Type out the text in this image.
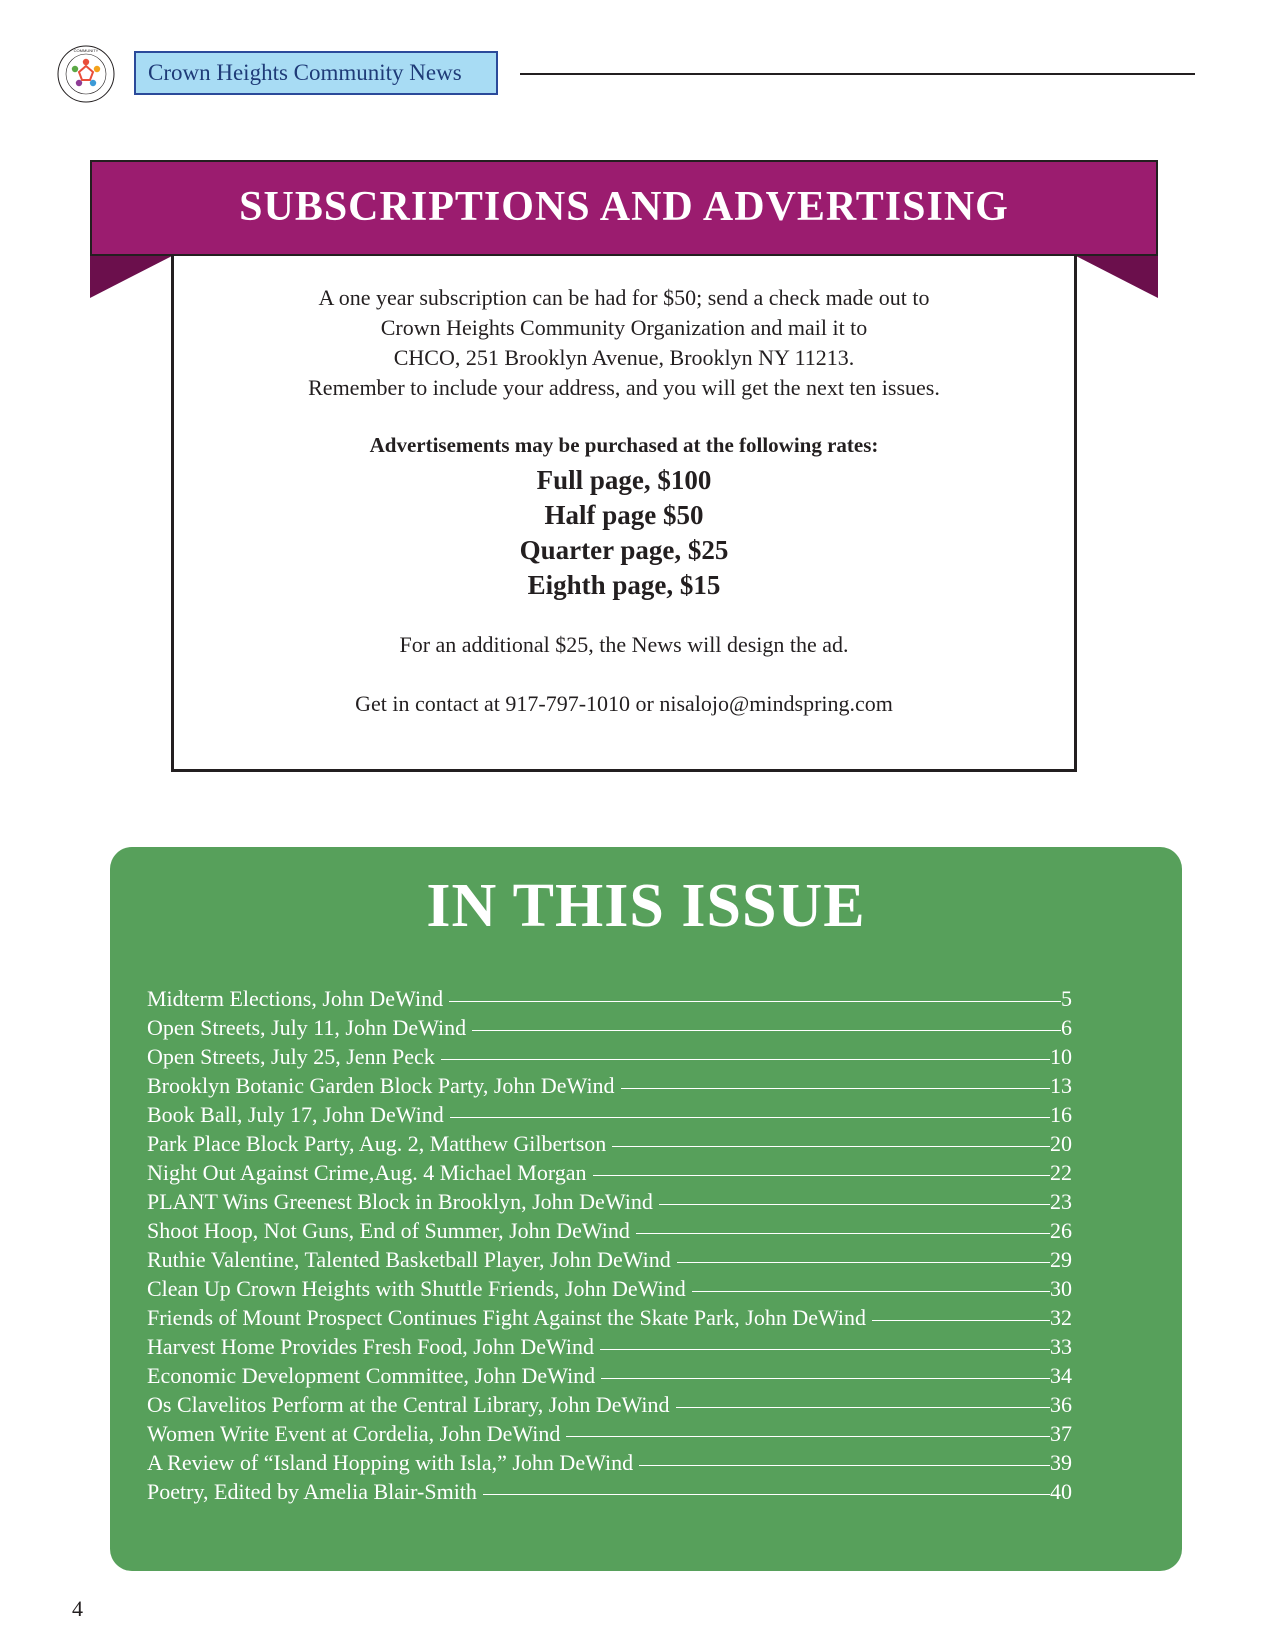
COMMUNITY
Crown Heights Community News
SUBSCRIPTIONS AND ADVERTISING
A one year subscription can be had for $50; send a check made out to
Crown Heights Community Organization and mail it to
CHCO, 251 Brooklyn Avenue, Brooklyn NY 11213.
Remember to include your address, and you will get the next ten issues.
Advertisements may be purchased at the following rates:
Full page, $100
Half page $50
Quarter page, $25
Eighth page, $15
For an additional $25, the News will design the ad.
Get in contact at 917-797-1010 or nisalojo@mindspring.com
IN THIS ISSUE
Midterm Elections, John DeWind	5
Open Streets, July 11, John DeWind	6
Open Streets, July 25, Jenn Peck	10
Brooklyn Botanic Garden Block Party, John DeWind	13
Book Ball, July 17, John DeWind	16
Park Place Block Party, Aug. 2, Matthew Gilbertson	20
Night Out Against Crime,Aug. 4 Michael Morgan	22
PLANT Wins Greenest Block in Brooklyn, John DeWind	23
Shoot Hoop, Not Guns, End of Summer, John DeWind	26
Ruthie Valentine, Talented Basketball Player, John DeWind	29
Clean Up Crown Heights with Shuttle Friends, John DeWind	30
Friends of Mount Prospect Continues Fight Against the Skate Park, John DeWind	32
Harvest Home Provides Fresh Food, John DeWind	33
Economic Development Committee, John DeWind	34
Os Clavelitos Perform at the Central Library, John DeWind	36
Women Write Event at Cordelia, John DeWind	37
A Review of “Island Hopping with Isla,” John DeWind	39
Poetry, Edited by Amelia Blair-Smith	40
4
